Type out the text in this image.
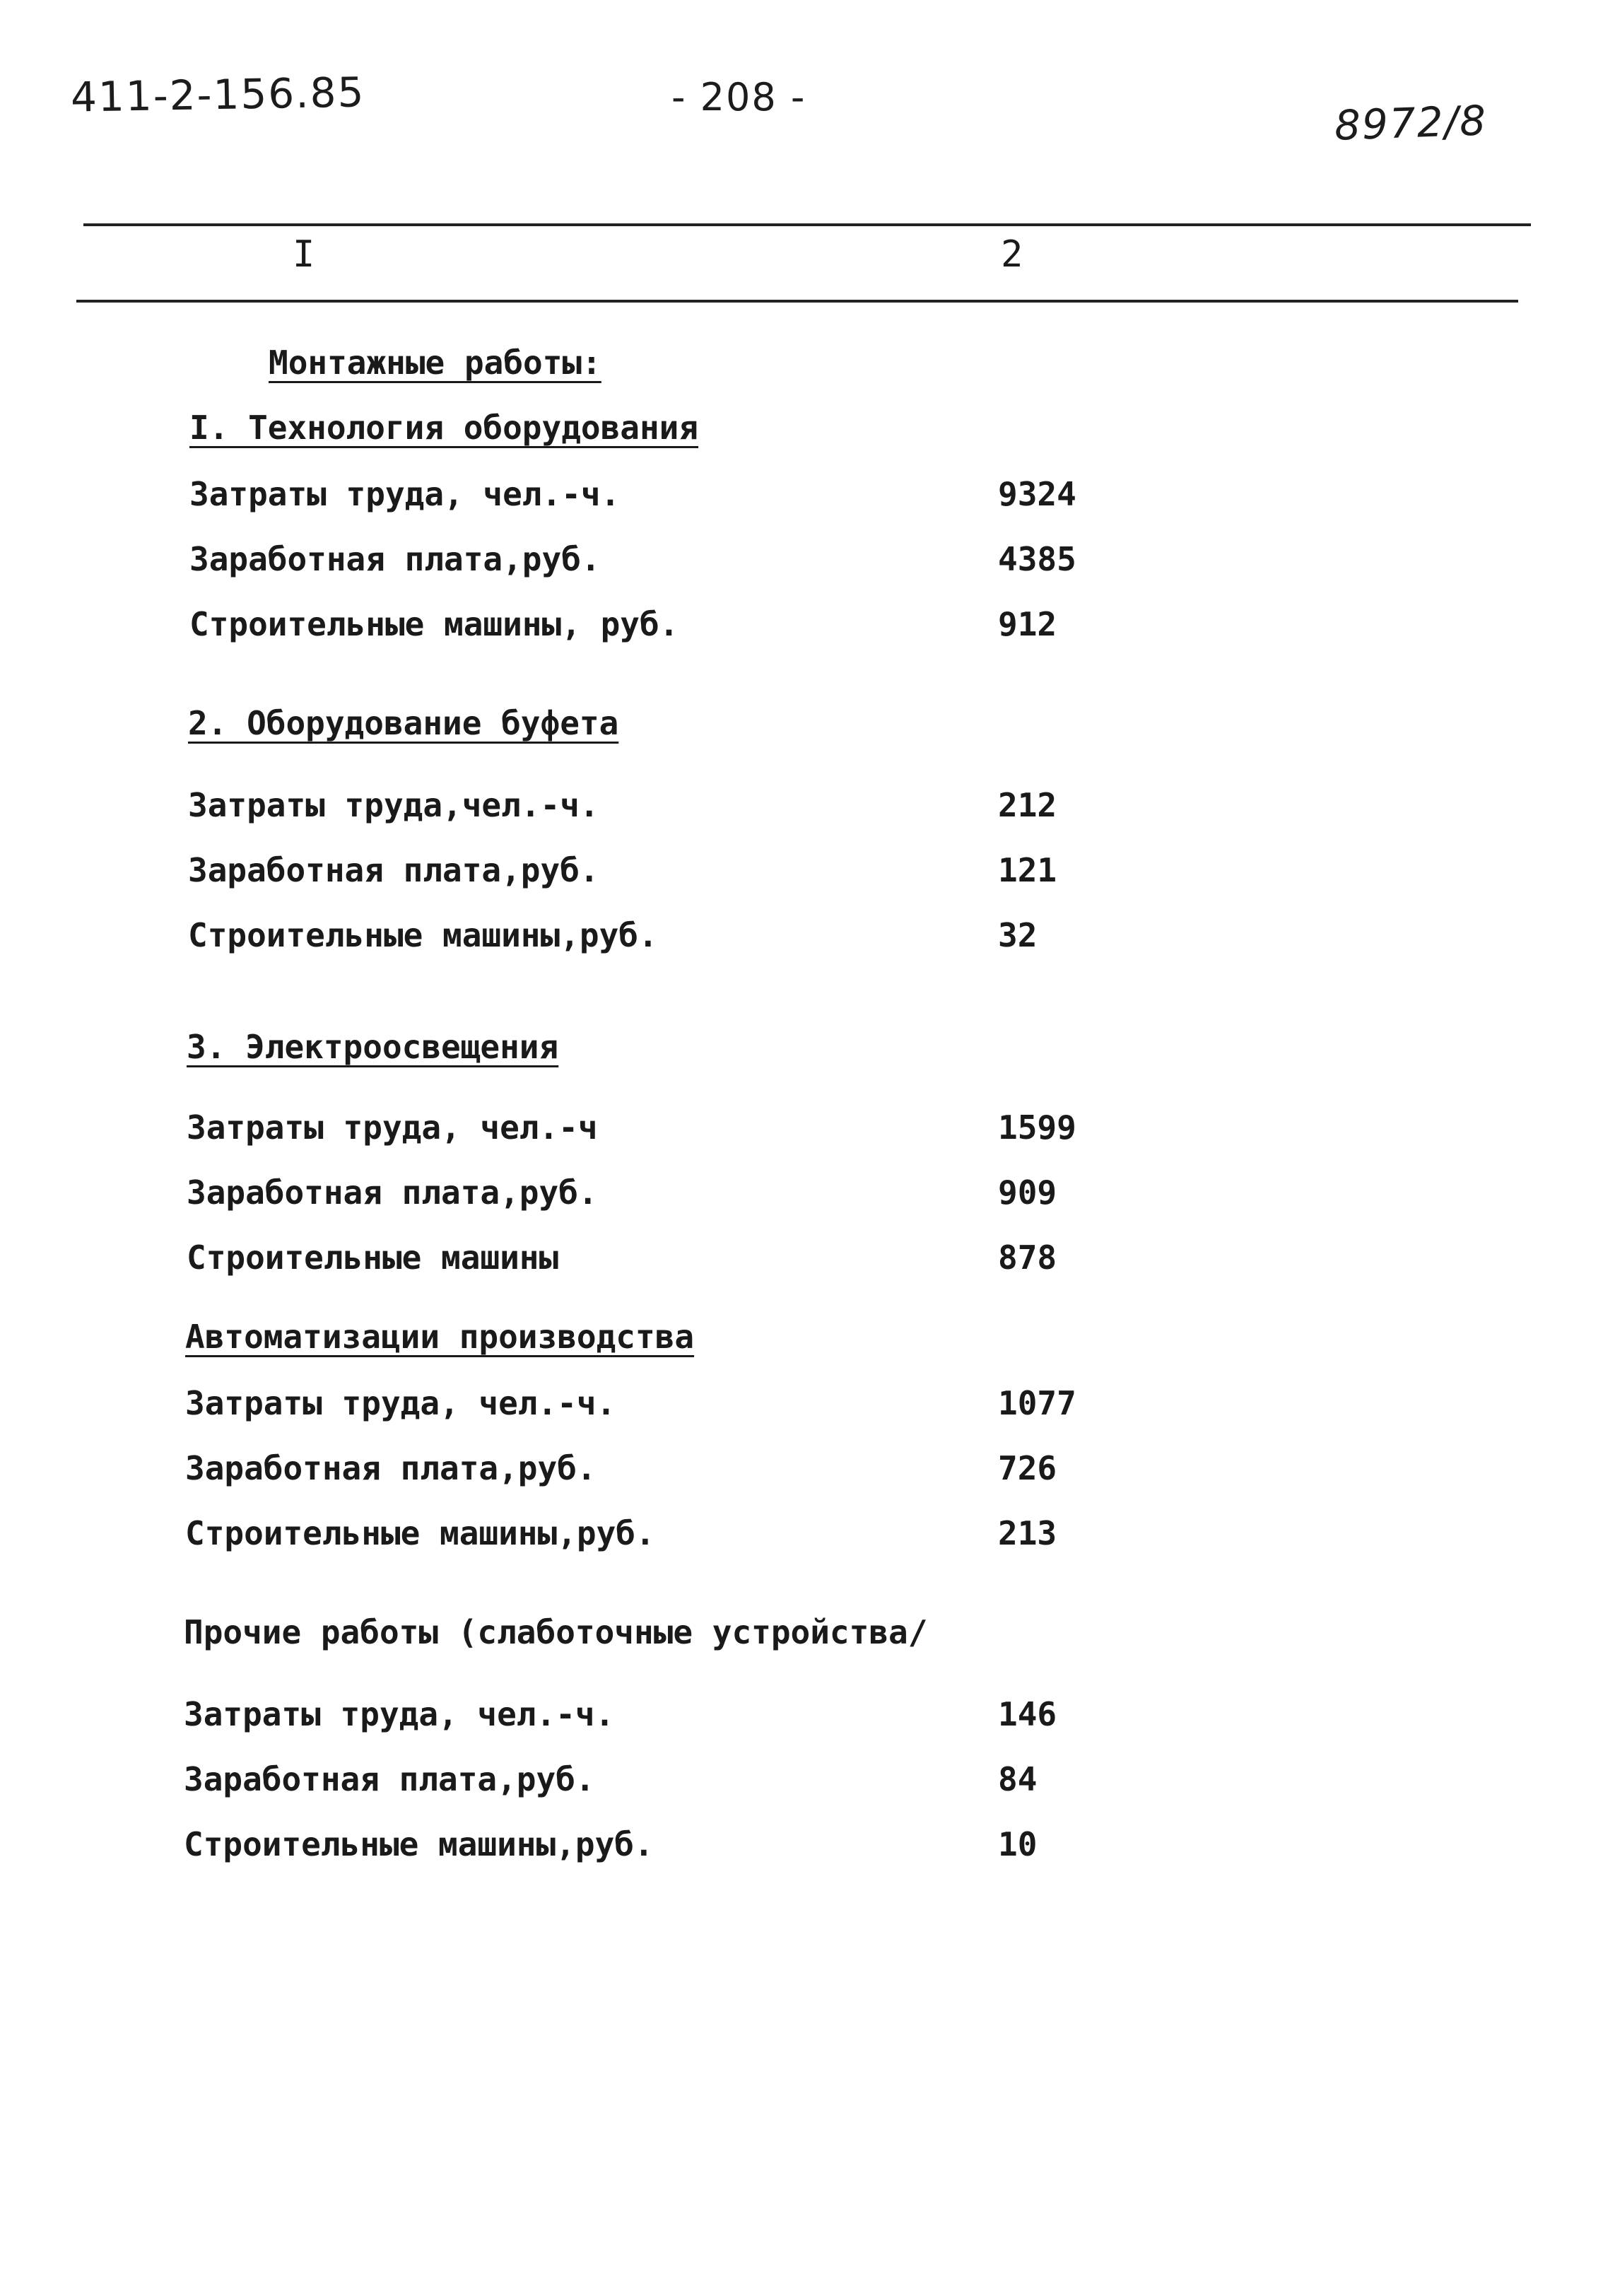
411-2-156.85	- 208 -	8972/8
I	2
Монтажные работы:
I. Технология оборудования
Затраты труда, чел.-ч.	9324
Заработная плата,руб.	4385
Строительные машины, руб.	912
2. Оборудование буфета
Затраты труда,чел.-ч.	212
Заработная плата,руб.	121
Строительные машины,руб.	32
3. Электроосвещения
Затраты труда, чел.-ч	1599
Заработная плата,руб.	909
Строительные машины	878
Автоматизации производства
Затраты труда, чел.-ч.	1077
Заработная плата,руб.	726
Строительные машины,руб.	213
Прочие работы (слаботочные устройства/
Затраты труда, чел.-ч.	146
Заработная плата,руб.	84
Строительные машины,руб.	10
